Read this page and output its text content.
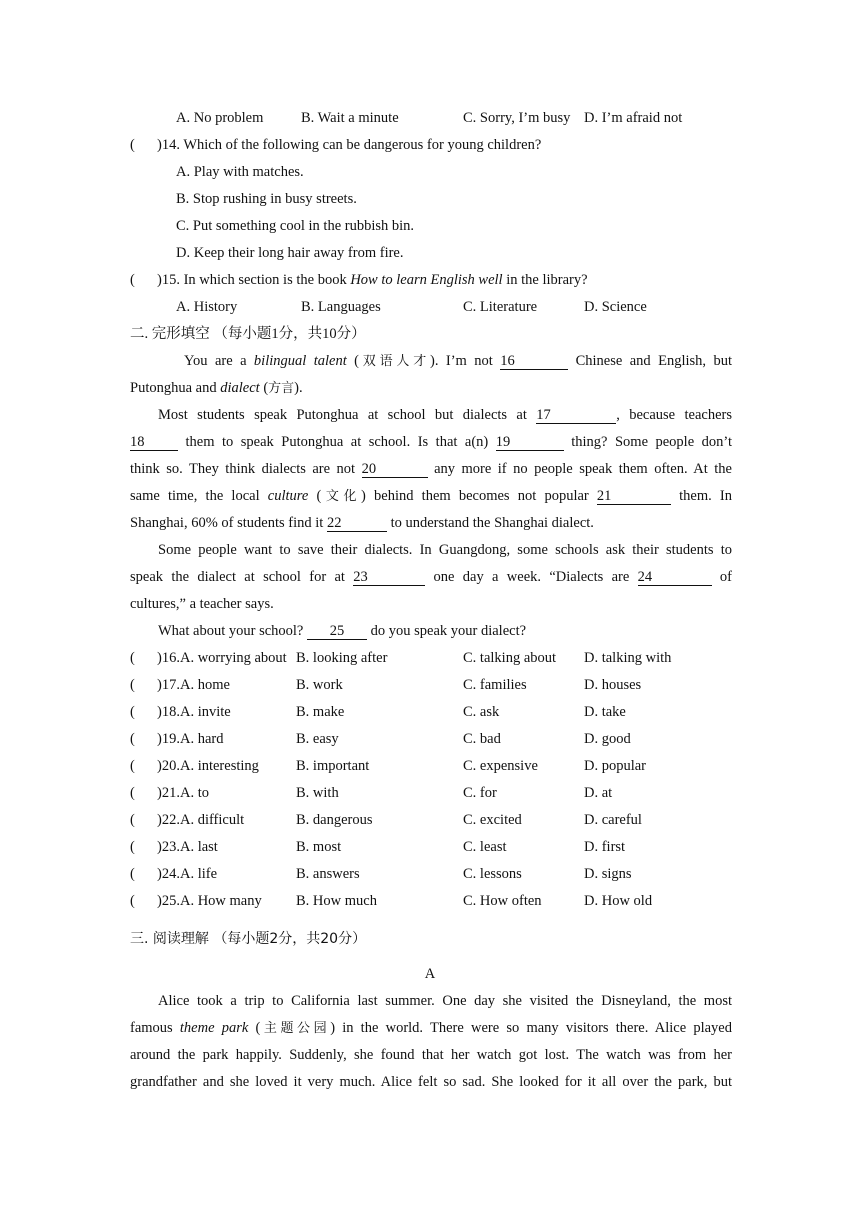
A. No problem	B. Wait a minute	C. Sorry, I’m busy D. I’m afraid not
( )14. Which of the following can be dangerous for young children?
A. Play with matches.
B. Stop rushing in busy streets.
C. Put something cool in the rubbish bin.
D. Keep their long hair away from fire.
( )15. In which section is the book How to learn English well in the library?
A. History	B. Languages	C. Literature	D. Science
二. 完形填空 （每小题1分，共10分）
You are a bilingual talent (双语人才). I’m not 16	Chinese and English, but
Putonghua and dialect (方言).
Most students speak Putonghua at school but dialects at 17	, because teachers
18 them to speak Putonghua at school. Is that a(n) 19	thing? Some people don’t
think so. They think dialects are not 20	any more if no people speak them often. At the
same time, the local culture (文化) behind them becomes not popular 21	them. In
Shanghai, 60% of students find it 22	to understand the Shanghai dialect.
Some people want to save their dialects. In Guangdong, some schools ask their students to
speak the dialect at school for at 23	one day a week. “Dialects are 24	of
cultures,” a teacher says.
What about your school? 25 do you speak your dialect?
( )16.A. worrying about B. looking after	C. talking about D. talking with
( )17.A. home	B. work	C. families	D. houses
( )18.A. invite	B. make	C. ask	D. take
( )19.A. hard	B. easy	C. bad	D. good
( )20.A. interesting	B. important	C. expensive	D. popular
( )21.A. to	B. with	C. for	D. at
( )22.A. difficult	B. dangerous	C. excited	D. careful
( )23.A. last	B. most	C. least	D. first
( )24.A. life	B. answers	C. lessons	D. signs
( )25.A. How many B. How much	C. How often	D. How old
三. 阅读理解 （每小题2分，共20分）
A
Alice took a trip to California last summer. One day she visited the Disneyland, the most
famous theme park (主题公园) in the world. There were so many visitors there. Alice played
around the park happily. Suddenly, she found that her watch got lost. The watch was from her
grandfather and she loved it very much. Alice felt so sad. She looked for it all over the park, but
